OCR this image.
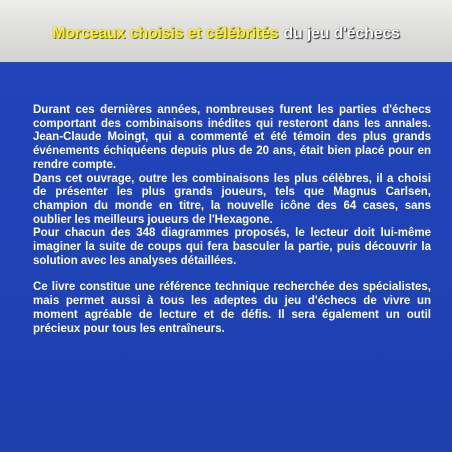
Morceaux choisis et célébrités du jeu d'échecs

Durant ces dernières années, nombreuses furent les parties d'échecs comportant des combinaisons inédites qui resteront dans les annales. Jean-Claude Moingt, qui a commenté et été témoin des plus grands événements échiquéens depuis plus de 20 ans, était bien placé pour en rendre compte.

Dans cet ouvrage, outre les combinaisons les plus célèbres, il a choisi de présenter les plus grands joueurs, tels que Magnus Carlsen, champion du monde en titre, la nouvelle icône des 64 cases, sans oublier les meilleurs joueurs de l'Hexagone.

Pour chacun des 348 diagrammes proposés, le lecteur doit lui-même imaginer la suite de coups qui fera basculer la partie, puis découvrir la solution avec les analyses détaillées.

Ce livre constitue une référence technique recherchée des spécialistes, mais permet aussi à tous les adeptes du jeu d'échecs de vivre un moment agréable de lecture et de défis. Il sera également un outil précieux pour tous les entraîneurs.
